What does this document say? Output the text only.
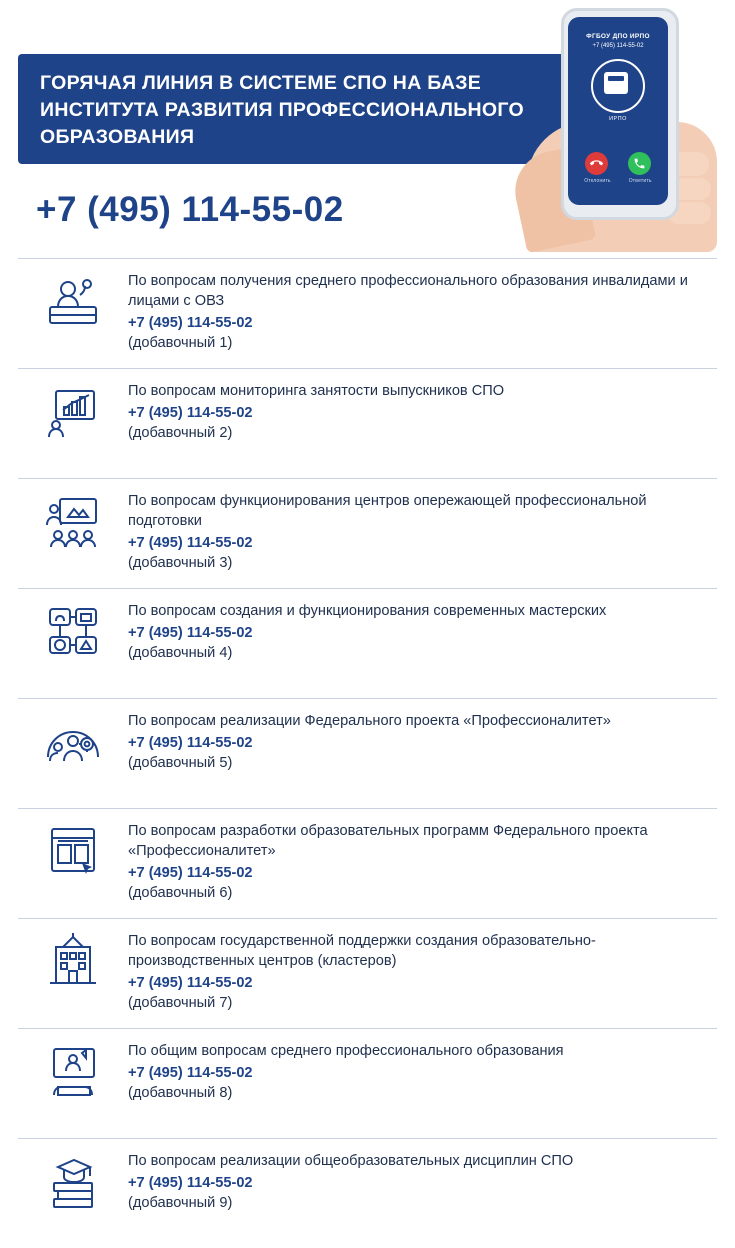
ГОРЯЧАЯ ЛИНИЯ В СИСТЕМЕ СПО НА БАЗЕ ИНСТИТУТА РАЗВИТИЯ ПРОФЕССИОНАЛЬНОГО ОБРАЗОВАНИЯ
+7 (495) 114-55-02
ФГБОУ ДПО ИРПО
+7 (495) 114-55-02
ИРПО
Отклонить	Ответить
По вопросам получения среднего профессионального образования инвалидами и лицами с ОВЗ
+7 (495) 114-55-02
(добавочный 1)
По вопросам мониторинга занятости выпускников СПО
+7 (495) 114-55-02
(добавочный 2)
По вопросам функционирования центров опережающей профессиональной подготовки
+7 (495) 114-55-02
(добавочный 3)
По вопросам создания и функционирования современных мастерских
+7 (495) 114-55-02
(добавочный 4)
По вопросам реализации Федерального проекта «Профессионалитет»
+7 (495) 114-55-02
(добавочный 5)
По вопросам разработки образовательных программ Федерального проекта «Профессионалитет»
+7 (495) 114-55-02
(добавочный 6)
По вопросам государственной поддержки создания образовательно-производственных центров (кластеров)
+7 (495) 114-55-02
(добавочный 7)
По общим вопросам среднего профессионального образования
+7 (495) 114-55-02
(добавочный 8)
По вопросам реализации общеобразовательных дисциплин СПО
+7 (495) 114-55-02
(добавочный 9)
